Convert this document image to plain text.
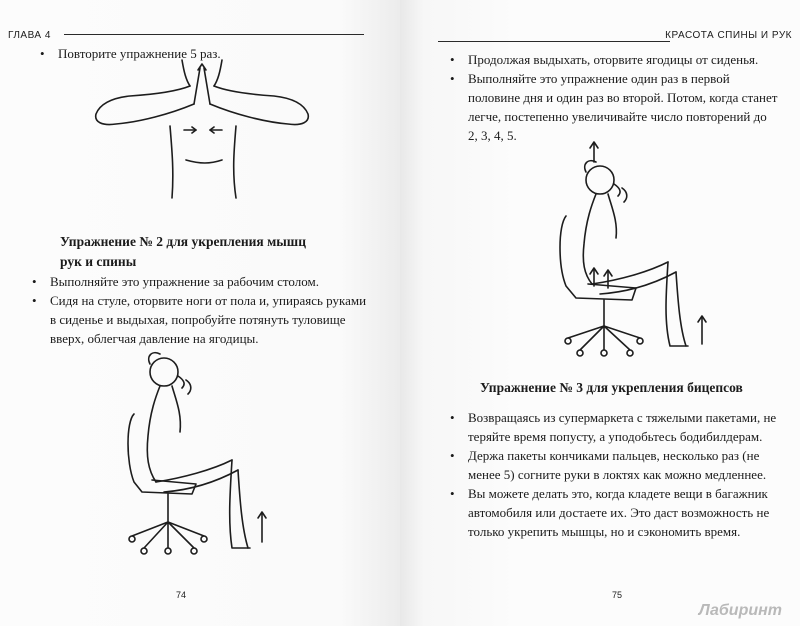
ГЛАВА 4
• Повторите упражнение 5 раз.
Упражнение № 2 для укрепления мышц
рук и спины
• Выполняйте это упражнение за рабочим столом.
• Сидя на стуле, оторвите ноги от пола и, упираясь руками в сиденье и выдыхая, попробуйте потянуть туловище вверх, облегчая давление на ягодицы.
74
КРАСОТА СПИНЫ И РУК
• Продолжая выдыхать, оторвите ягодицы от сиденья.
• Выполняйте это упражнение один раз в первой половине дня и один раз во второй. Потом, когда станет легче, постепенно увеличивайте число повторений до 2, 3, 4, 5.
Упражнение № 3 для укрепления бицепсов
• Возвращаясь из супермаркета с тяжелыми пакетами, не теряйте время попусту, а уподобьтесь бодибилдерам.
• Держа пакеты кончиками пальцев, несколько раз (не менее 5) согните руки в локтях как можно медленнее.
• Вы можете делать это, когда кладете вещи в багажник автомобиля или достаете их. Это даст возможность не только укрепить мышцы, но и сэкономить время.
75
Лабиринт
